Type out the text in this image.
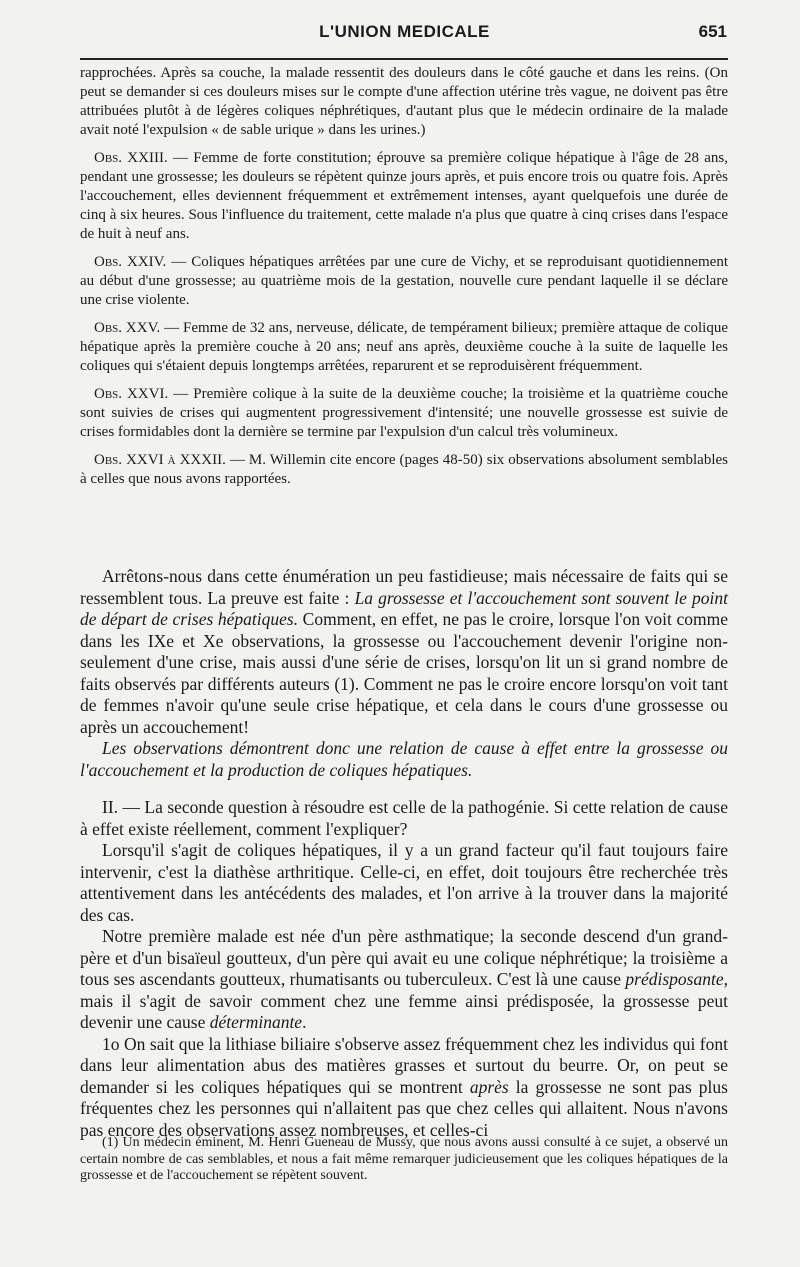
L'UNION MEDICALE	651

rapprochées. Après sa couche, la malade ressentit des douleurs dans le côté gauche et dans les reins. (On peut se demander si ces douleurs mises sur le compte d'une affection utérine très vague, ne doivent pas être attribuées plutôt à de légères coliques néphrétiques, d'autant plus que le médecin ordinaire de la malade avait noté l'expulsion « de sable urique » dans les urines.)

Obs. XXIII. — Femme de forte constitution; éprouve sa première colique hépatique à l'âge de 28 ans, pendant une grossesse; les douleurs se répètent quinze jours après, et puis encore trois ou quatre fois. Après l'accouchement, elles deviennent fréquemment et extrêmement intenses, ayant quelquefois une durée de cinq à six heures. Sous l'influence du traitement, cette malade n'a plus que quatre à cinq crises dans l'espace de huit à neuf ans.

Obs. XXIV. — Coliques hépatiques arrêtées par une cure de Vichy, et se reproduisant quotidiennement au début d'une grossesse; au quatrième mois de la gestation, nouvelle cure pendant laquelle il se déclare une crise violente.

Obs. XXV. — Femme de 32 ans, nerveuse, délicate, de tempérament bilieux; première attaque de colique hépatique après la première couche à 20 ans; neuf ans après, deuxième couche à la suite de laquelle les coliques qui s'étaient depuis longtemps arrêtées, reparurent et se reproduisèrent fréquemment.

Obs. XXVI. — Première colique à la suite de la deuxième couche; la troisième et la quatrième couche sont suivies de crises qui augmentent progressivement d'intensité; une nouvelle grossesse est suivie de crises formidables dont la dernière se termine par l'expulsion d'un calcul très volumineux.

Obs. XXVI à XXXII. — M. Willemin cite encore (pages 48-50) six observations absolument semblables à celles que nous avons rapportées.

Arrêtons-nous dans cette énumération un peu fastidieuse; mais nécessaire de faits qui se ressemblent tous. La preuve est faite : La grossesse et l'accouchement sont souvent le point de départ de crises hépatiques. Comment, en effet, ne pas le croire, lorsque l'on voit comme dans les IXe et Xe observations, la grossesse ou l'accouchement devenir l'origine non-seulement d'une crise, mais aussi d'une série de crises, lorsqu'on lit un si grand nombre de faits observés par différents auteurs (1). Comment ne pas le croire encore lorsqu'on voit tant de femmes n'avoir qu'une seule crise hépatique, et cela dans le cours d'une grossesse ou après un accouchement!

Les observations démontrent donc une relation de cause à effet entre la grossesse ou l'accouchement et la production de coliques hépatiques.

II. — La seconde question à résoudre est celle de la pathogénie. Si cette relation de cause à effet existe réellement, comment l'expliquer?

Lorsqu'il s'agit de coliques hépatiques, il y a un grand facteur qu'il faut toujours faire intervenir, c'est la diathèse arthritique. Celle-ci, en effet, doit toujours être recherchée très attentivement dans les antécédents des malades, et l'on arrive à la trouver dans la majorité des cas.

Notre première malade est née d'un père asthmatique; la seconde descend d'un grand-père et d'un bisaïeul goutteux, d'un père qui avait eu une colique néphrétique; la troisième a tous ses ascendants goutteux, rhumatisants ou tuberculeux. C'est là une cause prédisposante, mais il s'agit de savoir comment chez une femme ainsi prédisposée, la grossesse peut devenir une cause déterminante.

1o On sait que la lithiase biliaire s'observe assez fréquemment chez les individus qui font dans leur alimentation abus des matières grasses et surtout du beurre. Or, on peut se demander si les coliques hépatiques qui se montrent après la grossesse ne sont pas plus fréquentes chez les personnes qui n'allaitent pas que chez celles qui allaitent. Nous n'avons pas encore des observations assez nombreuses, et celles-ci

(1) Un médecin éminent, M. Henri Gueneau de Mussy, que nous avons aussi consulté à ce sujet, a observé un certain nombre de cas semblables, et nous a fait même remarquer judicieusement que les coliques hépatiques de la grossesse et de l'accouchement se répètent souvent.
